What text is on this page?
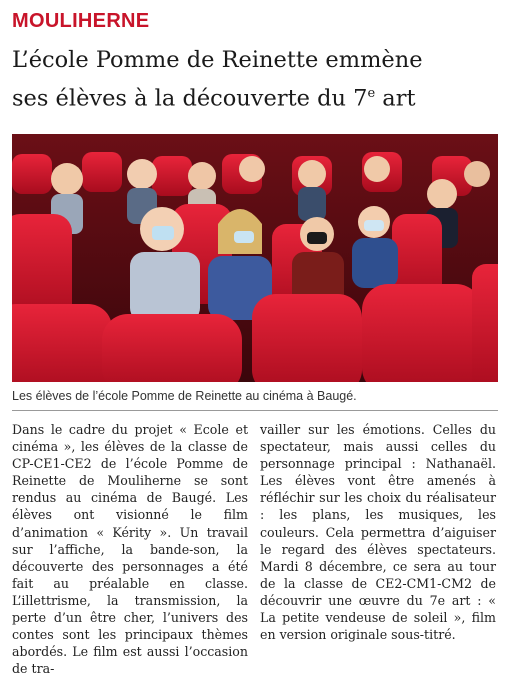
MOULIHERNE
L’école Pomme de Reinette emmène
ses élèves à la découverte du 7e art
Les élèves de l’école Pomme de Reinette au cinéma à Baugé.

Dans le cadre du projet « Ecole et cinéma », les élèves de la classe de CP-CE1-CE2 de l’école Pomme de Reinette de Mouliherne se sont rendus au cinéma de Baugé. Les élèves ont visionné le film d’animation « Kérity ». Un travail sur l’affiche, la bande-son, la découverte des personnages a été fait au préalable en classe. L’illettrisme, la transmission, la perte d’un être cher, l’univers des contes sont les principaux thèmes abordés. Le film est aussi l’occasion de tra-

vailler sur les émotions. Celles du spectateur, mais aussi celles du personnage principal : Nathanaël. Les élèves vont être amenés à réfléchir sur les choix du réalisateur : les plans, les musiques, les couleurs. Cela permettra d’aiguiser le regard des élèves spectateurs. Mardi 8 décembre, ce sera au tour de la classe de CE2-CM1-CM2 de découvrir une œuvre du 7e art : « La petite vendeuse de soleil », film en version originale sous-titré.
